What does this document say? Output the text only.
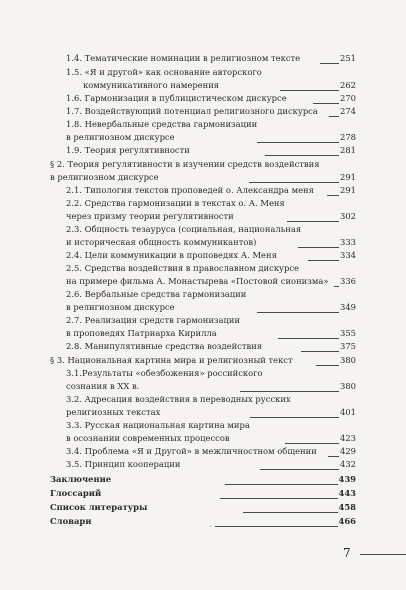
1.4. Тематические номинации в религиозном тексте	251
1.5. «Я и другой» как основание авторского
коммуникативного намерения	262
1.6. Гармонизация в публицистическом дискурсе	270
1.7. Воздействующий потенциал религиозного дискурса	274
1.8. Невербальные средства гармонизации
в религиозном дискурсе	278
1.9. Теория регулятивности	281
§ 2. Теория регулятивности в изучении средств воздействия
в религиозном дискурсе	291
2.1. Типология текстов проповедей о. Александра меня	291
2.2. Средства гармонизации в текстах о. А. Меня
через призму теории регулятивности	302
2.3. Общность тезауруса (социальная, национальная
и историческая общность коммуникантов)	333
2.4. Цели коммуникации в проповедях А. Меня	334
2.5. Средства воздействия в православном дискурсе
на примере фильма А. Монастырева «Постовой сионизма»	336
2.6. Вербальные средства гармонизации
в религиозном дискурсе	349
2.7. Реализация средств гармонизации
в проповедях Патриарха Кирилла	355
2.8. Манипулятивные средства воздействия	375
§ 3. Национальная картина мира и религиозный текст	380
3.1.Результаты «обезбожения» российского
сознания в ХХ в.	380
3.2. Адресация воздействия в переводных русских
религиозных текстах	401
3.3. Русская национальная картина мира
в осознании современных процессов	423
3.4. Проблема «Я и Другой» в межличностном общении	429
3.5. Принцип кооперации	432
Заключение	439
Глоссарий	443
Список литературы	458
Словари	466
·
7
